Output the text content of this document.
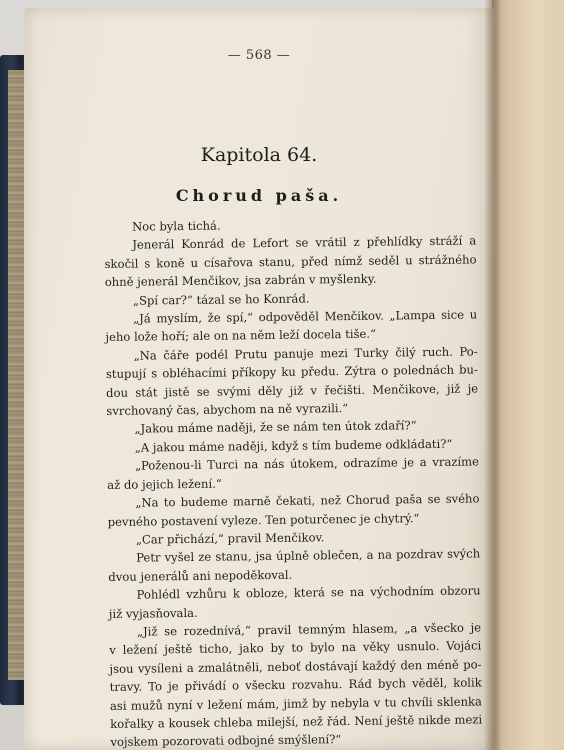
— 568 —
Kapitola 64.
Chorud paša.
Noc byla tichá.
Jenerál Konrád de Lefort se vrátil z přehlídky stráží a
skočil s koně u císařova stanu, před nímž seděl u strážného
ohně jenerál Menčikov, jsa zabrán v myšlenky.
„Spí car?“ tázal se ho Konrád.
„Já myslím, že spí,“ odpověděl Menčikov. „Lampa sice u
jeho lože hoří; ale on na něm leží docela tiše.“
„Na čáře podél Prutu panuje mezi Turky čilý ruch. Po-
stupují s obléhacími příkopy ku předu. Zýtra o polednách bu-
dou stát jistě se svými děly již v řečišti. Menčikove, již je
svrchovaný čas, abychom na ně vyrazili.“
„Jakou máme naději, že se nám ten útok zdaří?“
„A jakou máme naději, když s tím budeme odkládati?“
„Poženou-li Turci na nás útokem, odrazíme je a vrazíme
až do jejich ležení.“
„Na to budeme marně čekati, než Chorud paša se svého
pevného postavení vyleze. Ten poturčenec je chytrý.“
„Car přichází,“ pravil Menčikov.
Petr vyšel ze stanu, jsa úplně oblečen, a na pozdrav svých
dvou jenerálů ani nepoděkoval.
Pohlédl vzhůru k obloze, která se na východním obzoru
již vyjasňovala.
„Již se rozednívá,“ pravil temným hlasem, „a všecko je
v ležení ještě ticho, jako by to bylo na věky usnulo. Vojáci
jsou vysíleni a zmalátněli, neboť dostávají každý den méně po-
travy. To je přivádí o všecku rozvahu. Rád bych věděl, kolik
asi mužů nyní v ležení mám, jimž by nebyla v tu chvíli sklenka
kořalky a kousek chleba milejší, než řád. Není ještě nikde mezi
vojskem pozorovati odbojné smýšlení?“
